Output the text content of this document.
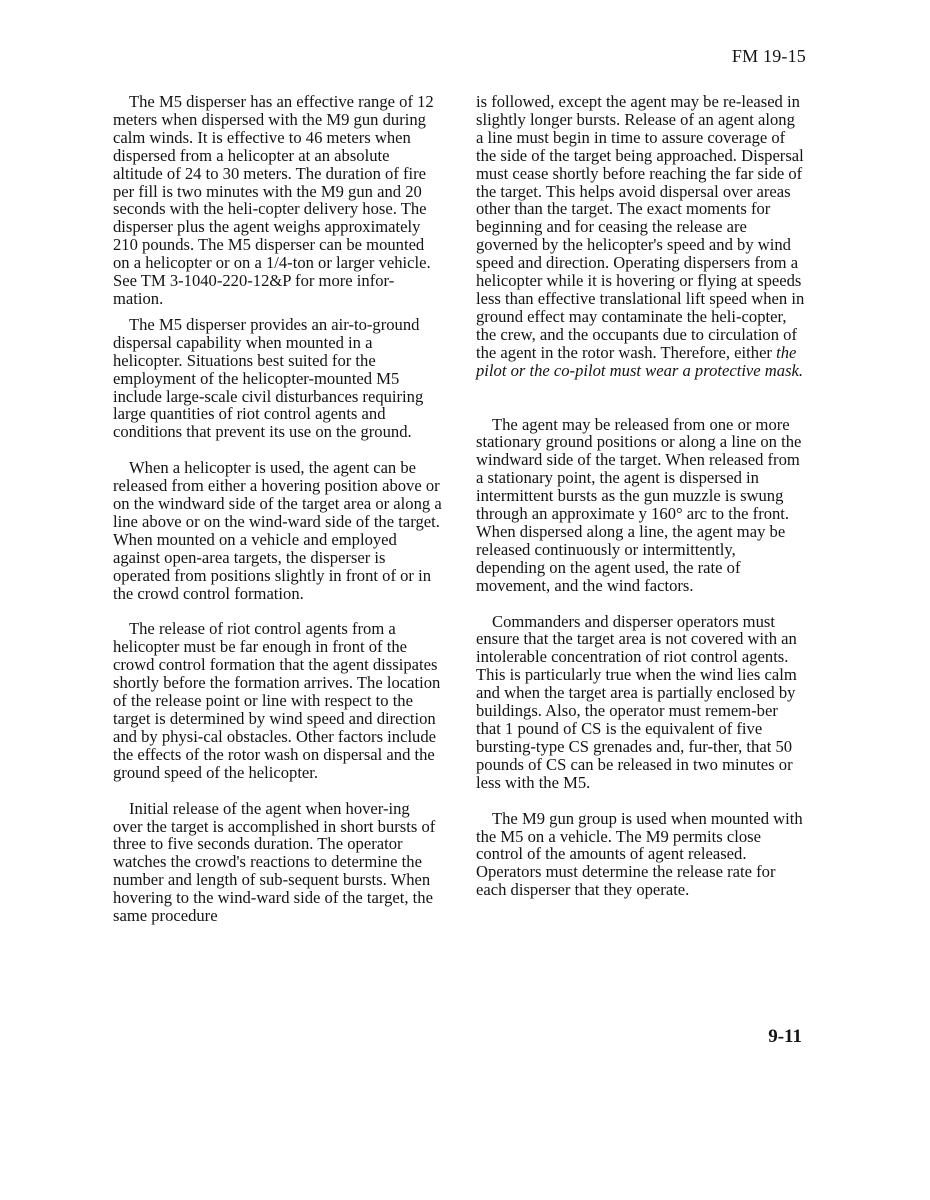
FM 19-15

The M5 disperser has an effective range of 12 meters when dispersed with the M9 gun during calm winds. It is effective to 46 meters when dispersed from a helicopter at an absolute altitude of 24 to 30 meters. The duration of fire per fill is two minutes with the M9 gun and 20 seconds with the heli-copter delivery hose. The disperser plus the agent weighs approximately 210 pounds. The M5 disperser can be mounted on a helicopter or on a 1/4-ton or larger vehicle. See TM 3-1040-220-12&P for more infor-mation.

The M5 disperser provides an air-to-ground dispersal capability when mounted in a helicopter. Situations best suited for the employment of the helicopter-mounted M5 include large-scale civil disturbances requiring large quantities of riot control agents and conditions that prevent its use on the ground.

When a helicopter is used, the agent can be released from either a hovering position above or on the windward side of the target area or along a line above or on the wind-ward side of the target. When mounted on a vehicle and employed against open-area targets, the disperser is operated from positions slightly in front of or in the crowd control formation.

The release of riot control agents from a helicopter must be far enough in front of the crowd control formation that the agent dissipates shortly before the formation arrives. The location of the release point or line with respect to the target is determined by wind speed and direction and by physi-cal obstacles. Other factors include the effects of the rotor wash on dispersal and the ground speed of the helicopter.

Initial release of the agent when hover-ing over the target is accomplished in short bursts of three to five seconds duration. The operator watches the crowd's reactions to determine the number and length of sub-sequent bursts. When hovering to the wind-ward side of the target, the same procedure

is followed, except the agent may be re-leased in slightly longer bursts. Release of an agent along a line must begin in time to assure coverage of the side of the target being approached. Dispersal must cease shortly before reaching the far side of the target. This helps avoid dispersal over areas other than the target. The exact moments for beginning and for ceasing the release are governed by the helicopter's speed and by wind speed and direction. Operating dispersers from a helicopter while it is hovering or flying at speeds less than effective translational lift speed when in ground effect may contaminate the heli-copter, the crew, and the occupants due to circulation of the agent in the rotor wash. Therefore, either the pilot or the co-pilot must wear a protective mask.

The agent may be released from one or more stationary ground positions or along a line on the windward side of the target. When released from a stationary point, the agent is dispersed in intermittent bursts as the gun muzzle is swung through an approximate y 160° arc to the front. When dispersed along a line, the agent may be released continuously or intermittently, depending on the agent used, the rate of movement, and the wind factors.

Commanders and disperser operators must ensure that the target area is not covered with an intolerable concentration of riot control agents. This is particularly true when the wind lies calm and when the target area is partially enclosed by buildings. Also, the operator must remem-ber that 1 pound of CS is the equivalent of five bursting-type CS grenades and, fur-ther, that 50 pounds of CS can be released in two minutes or less with the M5.

The M9 gun group is used when mounted with the M5 on a vehicle. The M9 permits close control of the amounts of agent released. Operators must determine the release rate for each disperser that they operate.

9-11
